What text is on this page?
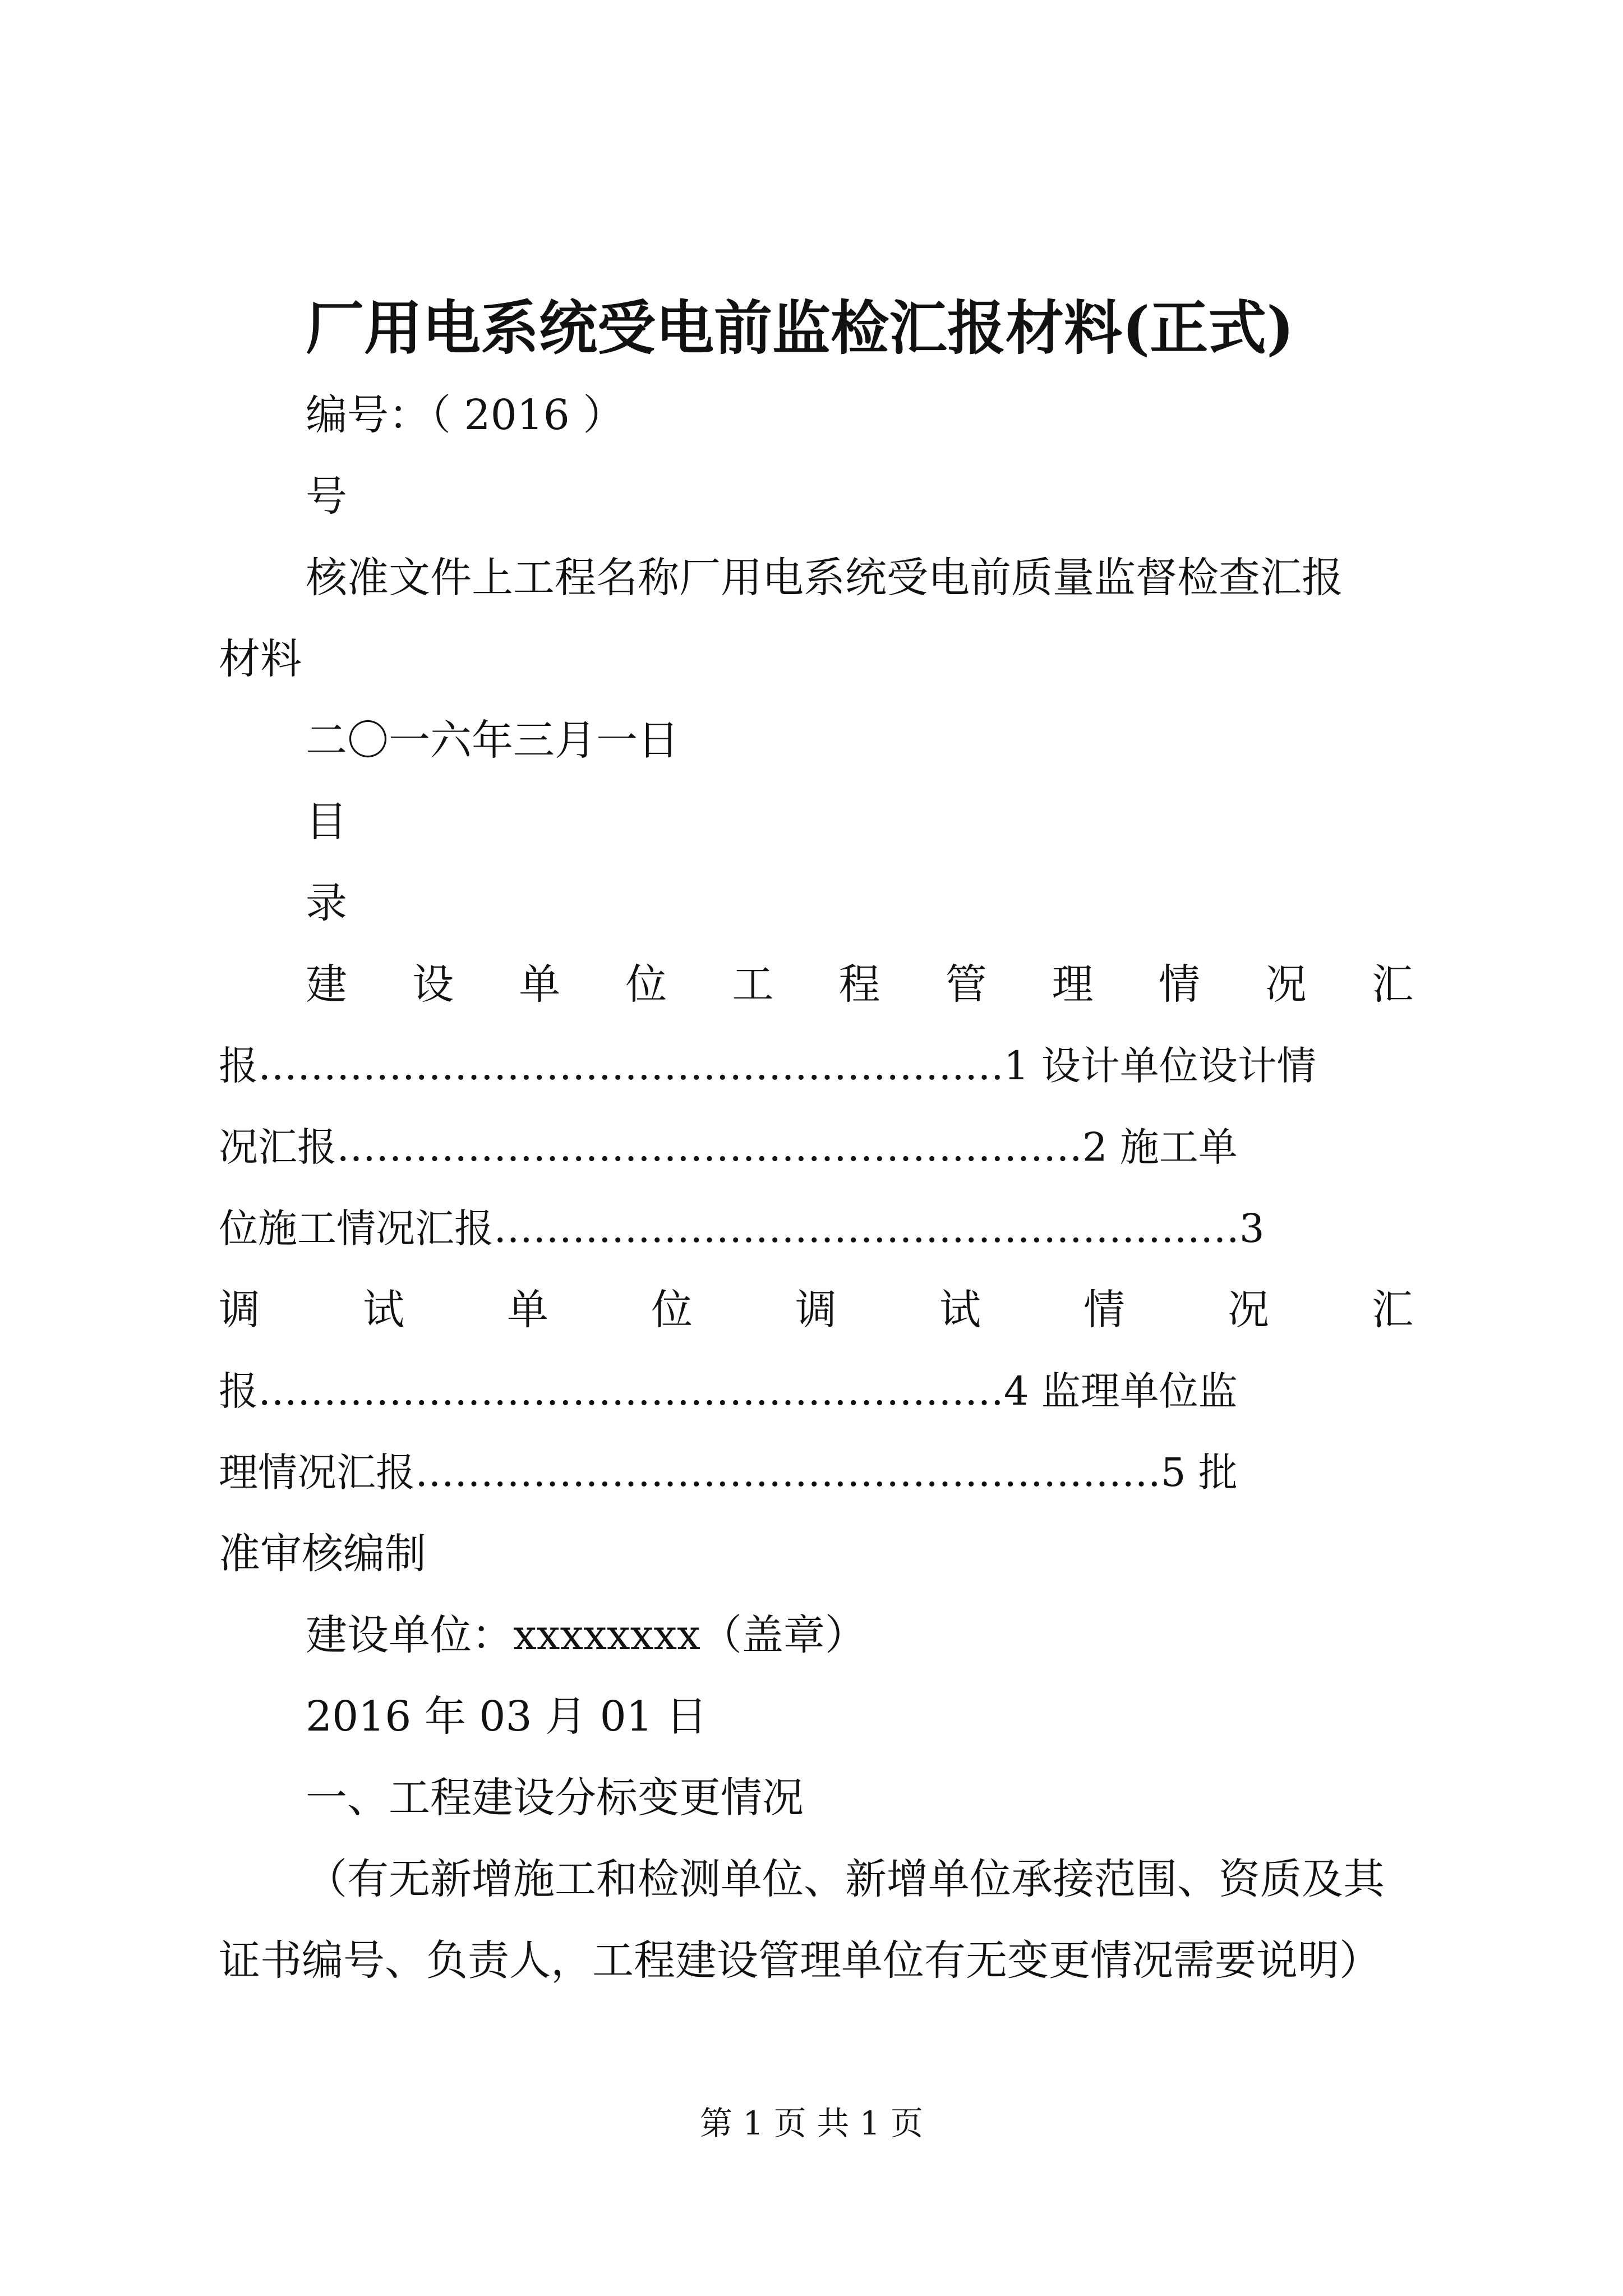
厂用电系统受电前监检汇报材料(正式)

编号：（ 2016 ）

号

核准文件上工程名称厂用电系统受电前质量监督检查汇报

材料

二〇一六年三月一日

目

录

建 设 单 位 工 程 管 理 情 况 汇

报…………………………………………………1 设计单位设计情

况汇报…………………………………………………2 施工单

位施工情况汇报…………………………………………………3

调 试 单 位 调 试 情 况 汇

报…………………………………………………4 监理单位监

理情况汇报…………………………………………………5 批

准审核编制

建设单位：xxxxxxxx（盖章）

2016 年 03 月 01 日

一、工程建设分标变更情况

（有无新增施工和检测单位、新增单位承接范围、资质及其

证书编号、负责人，工程建设管理单位有无变更情况需要说明）

第 1 页 共 1 页
